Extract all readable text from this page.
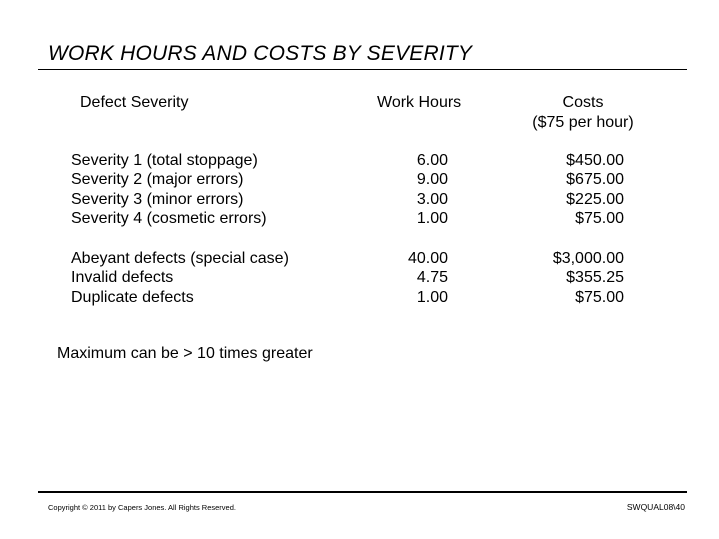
WORK HOURS AND COSTS BY SEVERITY
Defect Severity	Work Hours	Costs
($75 per hour)
Severity 1 (total stoppage)	6.00	$450.00
Severity 2 (major errors)	9.00	$675.00
Severity 3 (minor errors)	3.00	$225.00
Severity 4 (cosmetic errors)	1.00	$75.00
Abeyant defects (special case)	40.00	$3,000.00
Invalid defects	4.75	$355.25
Duplicate defects	1.00	$75.00
Maximum can be > 10 times greater
Copyright © 2011 by Capers Jones. All Rights Reserved.	SWQUAL08\40
